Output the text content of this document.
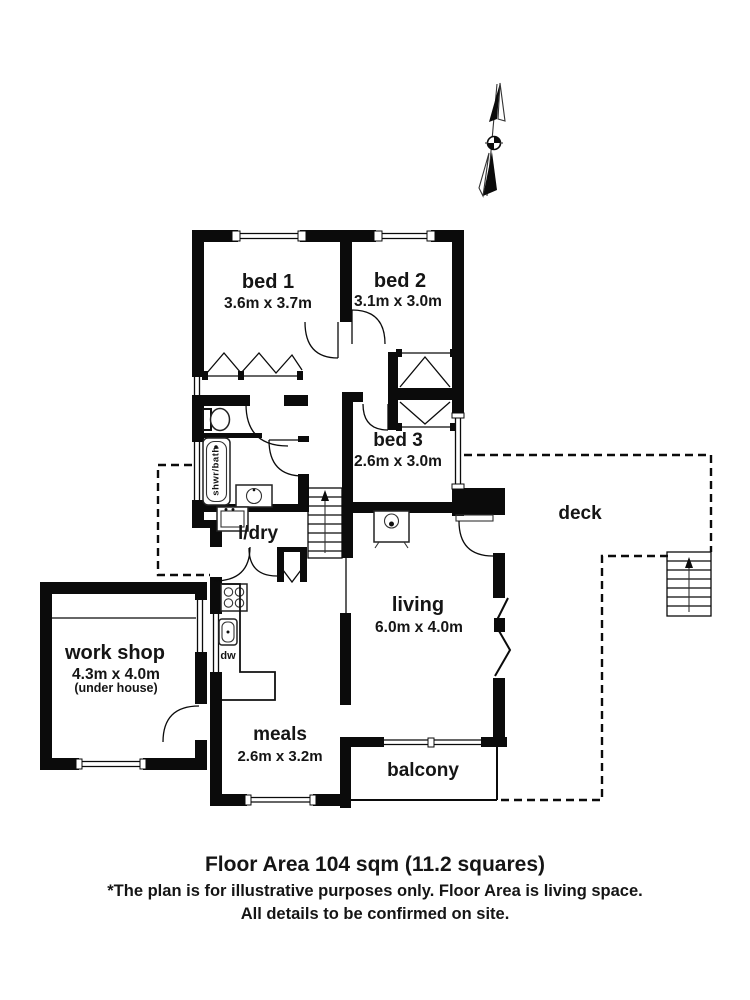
bed 1
3.6m x 3.7m
bed 2
3.1m x 3.0m
bed 3
2.6m x 3.0m
living
6.0m x 4.0m
meals
2.6m x 3.2m
work shop
4.3m x 4.0m
(under house)
balcony
deck
l/dry
dw
shwr/bath
Floor Area 104 sqm (11.2 squares)
*The plan is for illustrative purposes only. Floor Area is living space.
All details to be confirmed on site.
